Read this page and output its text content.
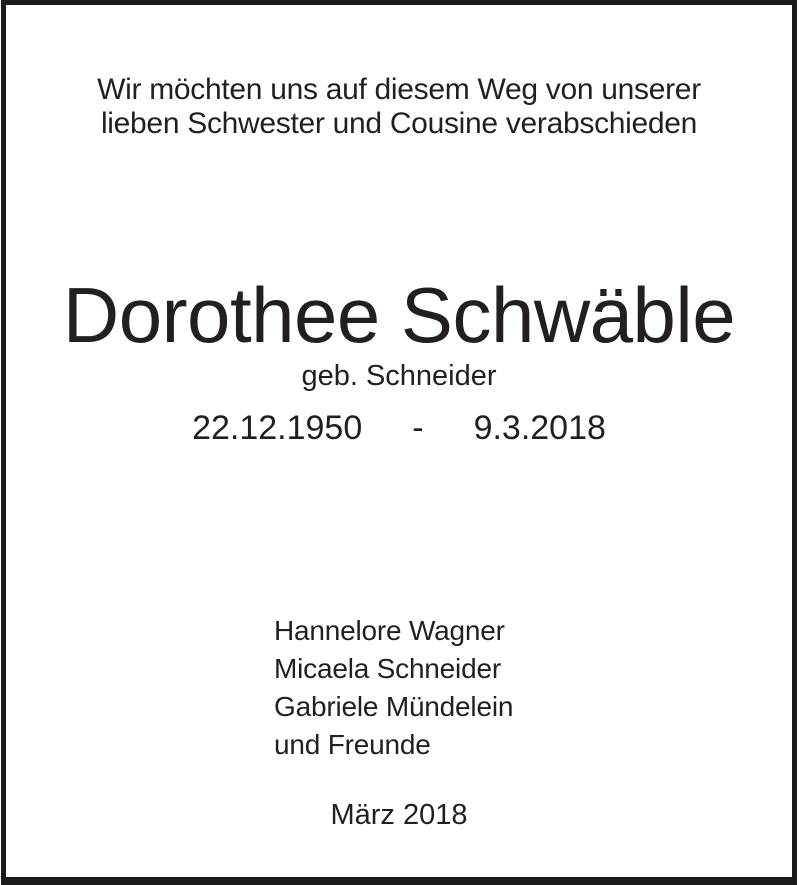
Wir möchten uns auf diesem Weg von unserer
lieben Schwester und Cousine verabschieden
Dorothee Schwäble
geb. Schneider
22.12.1950 - 9.3.2018
Hannelore Wagner
Micaela Schneider
Gabriele Mündelein
und Freunde
März 2018
